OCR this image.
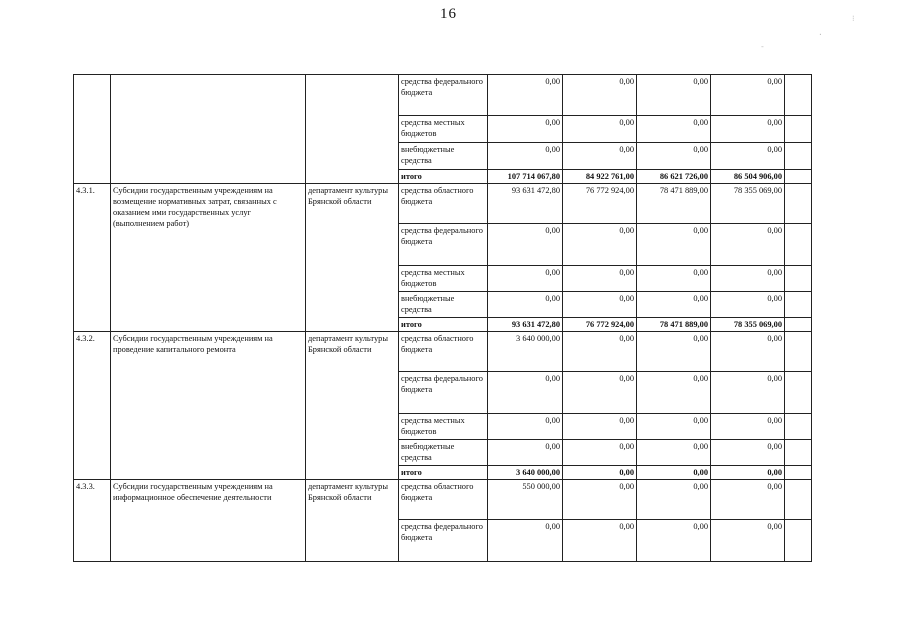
16	⁝
·
-
			средства федерального бюджета	0,00	0,00	0,00	0,00	
			средства местных бюджетов	0,00	0,00	0,00	0,00	
			внебюджетные средства	0,00	0,00	0,00	0,00	
			итого	107 714 067,80	84 922 761,00	86 621 726,00	86 504 906,00	
4.3.1.	Субсидии государственным учреждениям на возмещение нормативных затрат, связанных с оказанием ими государственных услуг (выполнением работ)	департамент культуры Брянской области	средства областного бюджета	93 631 472,80	76 772 924,00	78 471 889,00	78 355 069,00	
			средства федерального бюджета	0,00	0,00	0,00	0,00	
			средства местных бюджетов	0,00	0,00	0,00	0,00	
			внебюджетные средства	0,00	0,00	0,00	0,00	
			итого	93 631 472,80	76 772 924,00	78 471 889,00	78 355 069,00	
4.3.2.	Субсидии государственным учреждениям на проведение капитального ремонта	департамент культуры Брянской области	средства областного бюджета	3 640 000,00	0,00	0,00	0,00	
			средства федерального бюджета	0,00	0,00	0,00	0,00	
			средства местных бюджетов	0,00	0,00	0,00	0,00	
			внебюджетные средства	0,00	0,00	0,00	0,00	
			итого	3 640 000,00	0,00	0,00	0,00	
4.3.3.	Субсидии государственным учреждениям на информационное обеспечение деятельности	департамент культуры Брянской области	средства областного бюджета	550 000,00	0,00	0,00	0,00	
			средства федерального бюджета	0,00	0,00	0,00	0,00	
